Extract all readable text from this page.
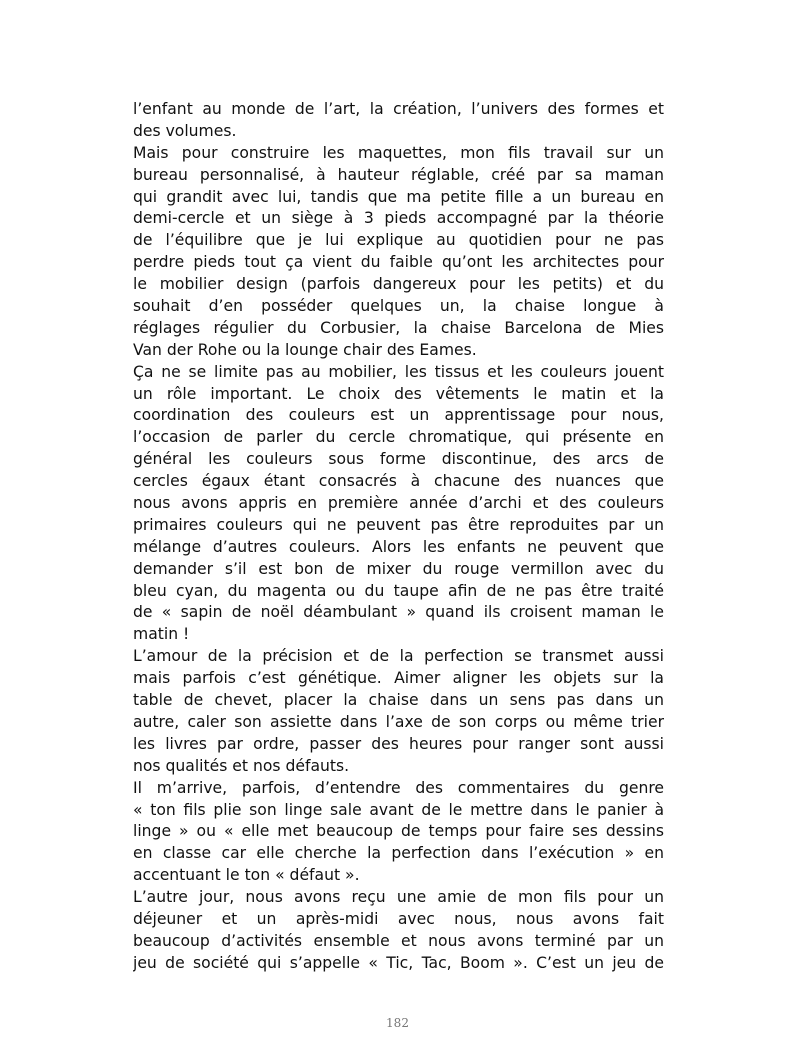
l’enfant au monde de l’art, la création, l’univers des formes et
des volumes.
Mais pour construire les maquettes, mon fils travail sur un
bureau personnalisé, à hauteur réglable, créé par sa maman
qui grandit avec lui, tandis que ma petite fille a un bureau en
demi-cercle et un siège à 3 pieds accompagné par la théorie
de l’équilibre que je lui explique au quotidien pour ne pas
perdre pieds tout ça vient du faible qu’ont les architectes pour
le mobilier design (parfois dangereux pour les petits) et du
souhait d’en posséder quelques un, la chaise longue à
réglages régulier du Corbusier, la chaise Barcelona de Mies
Van der Rohe ou la lounge chair des Eames.
Ça ne se limite pas au mobilier, les tissus et les couleurs jouent
un rôle important. Le choix des vêtements le matin et la
coordination des couleurs est un apprentissage pour nous,
l’occasion de parler du cercle chromatique, qui présente en
général les couleurs sous forme discontinue, des arcs de
cercles égaux étant consacrés à chacune des nuances que
nous avons appris en première année d’archi et des couleurs
primaires couleurs qui ne peuvent pas être reproduites par un
mélange d’autres couleurs. Alors les enfants ne peuvent que
demander s’il est bon de mixer du rouge vermillon avec du
bleu cyan, du magenta ou du taupe afin de ne pas être traité
de « sapin de noël déambulant » quand ils croisent maman le
matin !
L’amour de la précision et de la perfection se transmet aussi
mais parfois c’est génétique. Aimer aligner les objets sur la
table de chevet, placer la chaise dans un sens pas dans un
autre, caler son assiette dans l’axe de son corps ou même trier
les livres par ordre, passer des heures pour ranger sont aussi
nos qualités et nos défauts.
Il m’arrive, parfois, d’entendre des commentaires du genre
« ton fils plie son linge sale avant de le mettre dans le panier à
linge » ou « elle met beaucoup de temps pour faire ses dessins
en classe car elle cherche la perfection dans l’exécution » en
accentuant le ton « défaut ».
L’autre jour, nous avons reçu une amie de mon fils pour un
déjeuner et un après-midi avec nous, nous avons fait
beaucoup d’activités ensemble et nous avons terminé par un
jeu de société qui s’appelle « Tic, Tac, Boom ». C’est un jeu de
182
